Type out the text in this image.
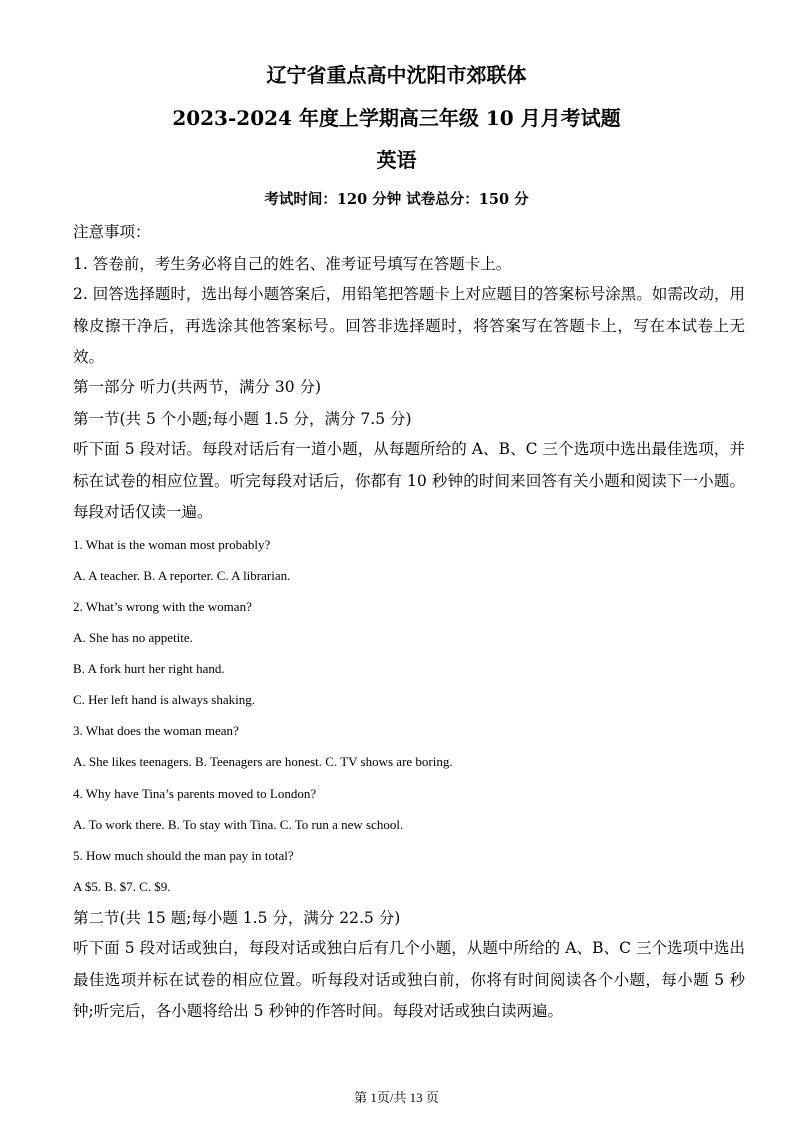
辽宁省重点高中沈阳市郊联体
2023-2024 年度上学期高三年级 10 月月考试题
英语
考试时间：120 分钟 试卷总分：150 分
注意事项：
1. 答卷前，考生务必将自己的姓名、准考证号填写在答题卡上。
2. 回答选择题时，选出每小题答案后，用铅笔把答题卡上对应题目的答案标号涂黑。如需改动，用橡皮擦干净后，再选涂其他答案标号。回答非选择题时，将答案写在答题卡上，写在本试卷上无效。
第一部分 听力(共两节，满分 30 分)
第一节(共 5 个小题;每小题 1.5 分，满分 7.5 分)
听下面 5 段对话。每段对话后有一道小题，从每题所给的 A、B、C 三个选项中选出最佳选项，并标在试卷的相应位置。听完每段对话后，你都有 10 秒钟的时间来回答有关小题和阅读下一小题。每段对话仅读一遍。
1. What is the woman most probably?
A. A teacher. B. A reporter. C. A librarian.
2. What’s wrong with the woman?
A. She has no appetite.
B. A fork hurt her right hand.
C. Her left hand is always shaking.
3. What does the woman mean?
A. She likes teenagers. B. Teenagers are honest. C. TV shows are boring.
4. Why have Tina’s parents moved to London?
A. To work there. B. To stay with Tina. C. To run a new school.
5. How much should the man pay in total?
A $5. B. $7. C. $9.
第二节(共 15 题;每小题 1.5 分，满分 22.5 分)
听下面 5 段对话或独白，每段对话或独白后有几个小题，从题中所给的 A、B、C 三个选项中选出最佳选项并标在试卷的相应位置。听每段对话或独白前，你将有时间阅读各个小题，每小题 5 秒钟;听完后，各小题将给出 5 秒钟的作答时间。每段对话或独白读两遍。
第 1页/共 13 页
